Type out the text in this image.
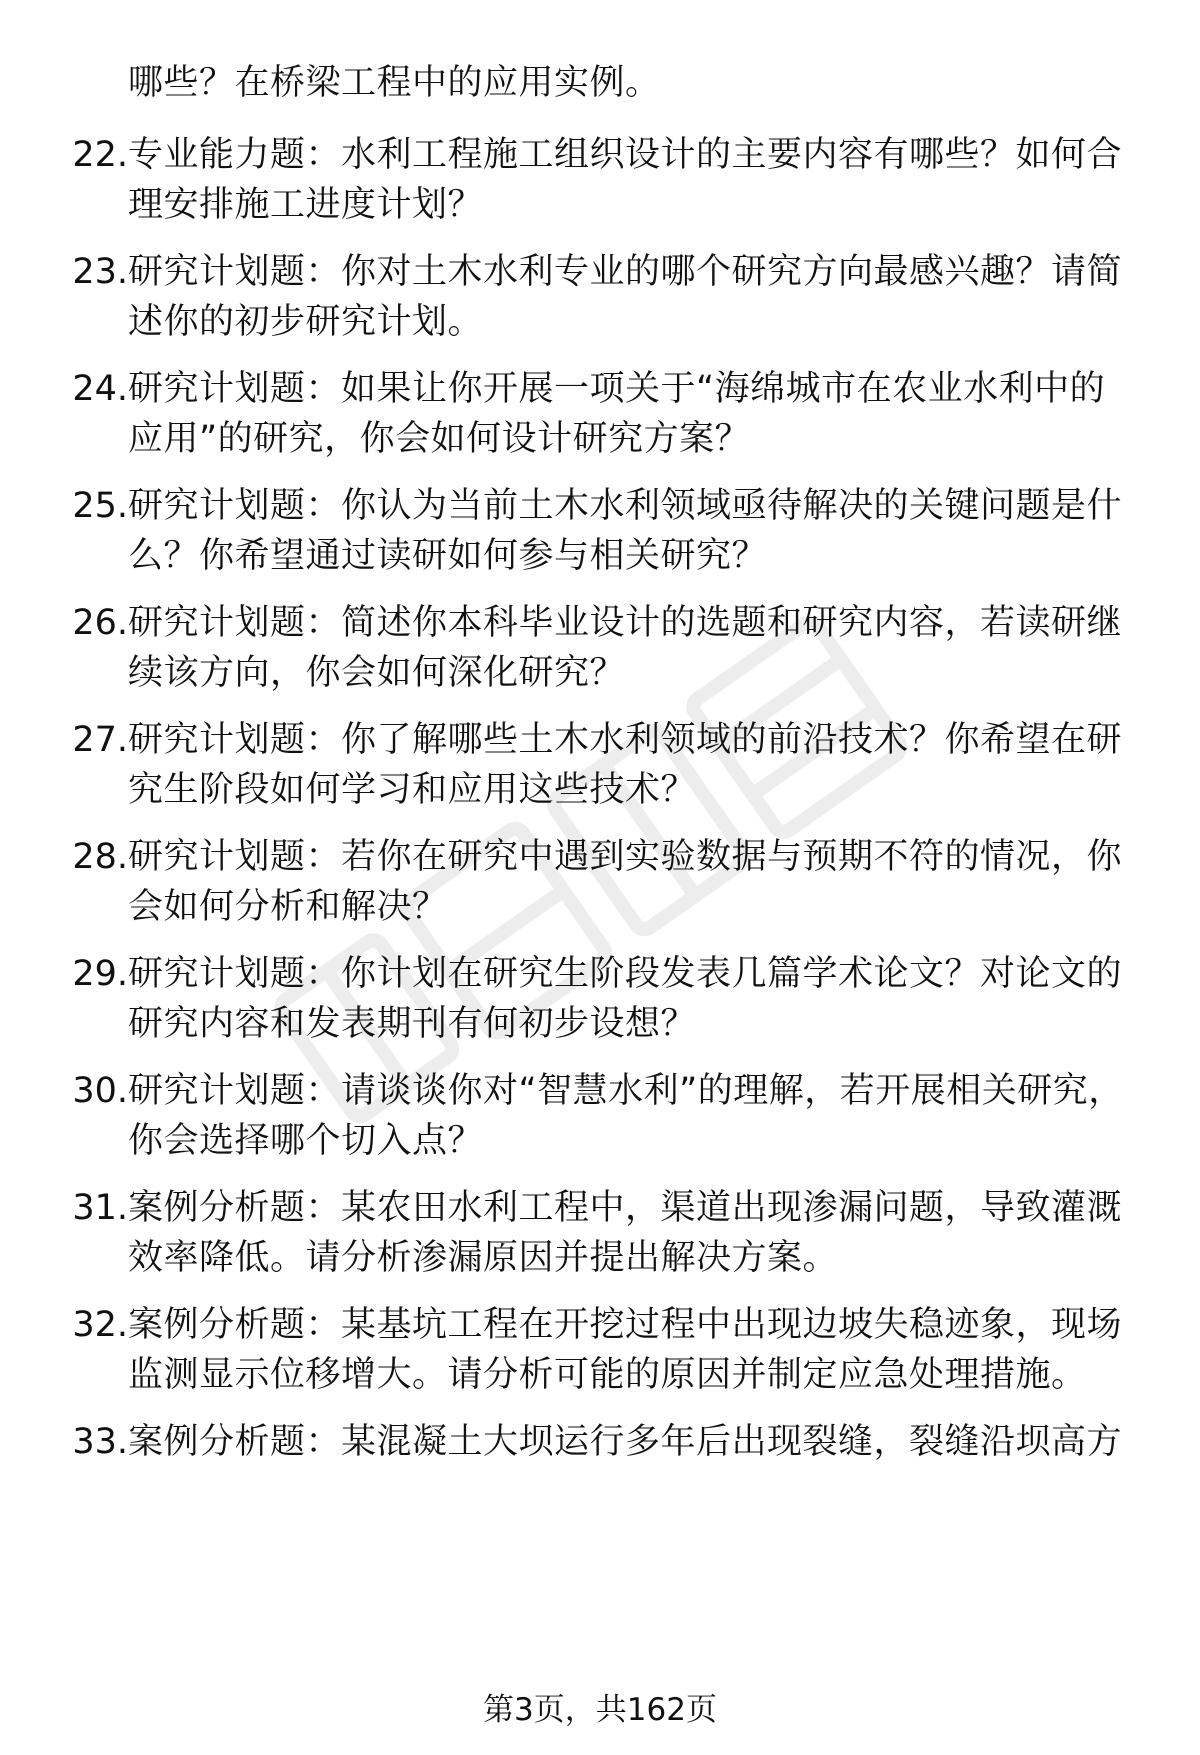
哪些？在桥梁工程中的应用实例。
22. 专业能力题：水利工程施工组织设计的主要内容有哪些？如何合理安排施工进度计划？
23. 研究计划题：你对土木水利专业的哪个研究方向最感兴趣？请简述你的初步研究计划。
24. 研究计划题：如果让你开展一项关于“海绵城市在农业水利中的应用”的研究，你会如何设计研究方案？
25. 研究计划题：你认为当前土木水利领域亟待解决的关键问题是什么？你希望通过读研如何参与相关研究？
26. 研究计划题：简述你本科毕业设计的选题和研究内容，若读研继续该方向，你会如何深化研究？
27. 研究计划题：你了解哪些土木水利领域的前沿技术？你希望在研究生阶段如何学习和应用这些技术？
28. 研究计划题：若你在研究中遇到实验数据与预期不符的情况，你会如何分析和解决？
29. 研究计划题：你计划在研究生阶段发表几篇学术论文？对论文的研究内容和发表期刊有何初步设想？
30. 研究计划题：请谈谈你对“智慧水利”的理解，若开展相关研究，你会选择哪个切入点？
31. 案例分析题：某农田水利工程中，渠道出现渗漏问题，导致灌溉效率降低。请分析渗漏原因并提出解决方案。
32. 案例分析题：某基坑工程在开挖过程中出现边坡失稳迹象，现场监测显示位移增大。请分析可能的原因并制定应急处理措施。
33. 案例分析题：某混凝土大坝运行多年后出现裂缝，裂缝沿坝高方
第3页，共162页
